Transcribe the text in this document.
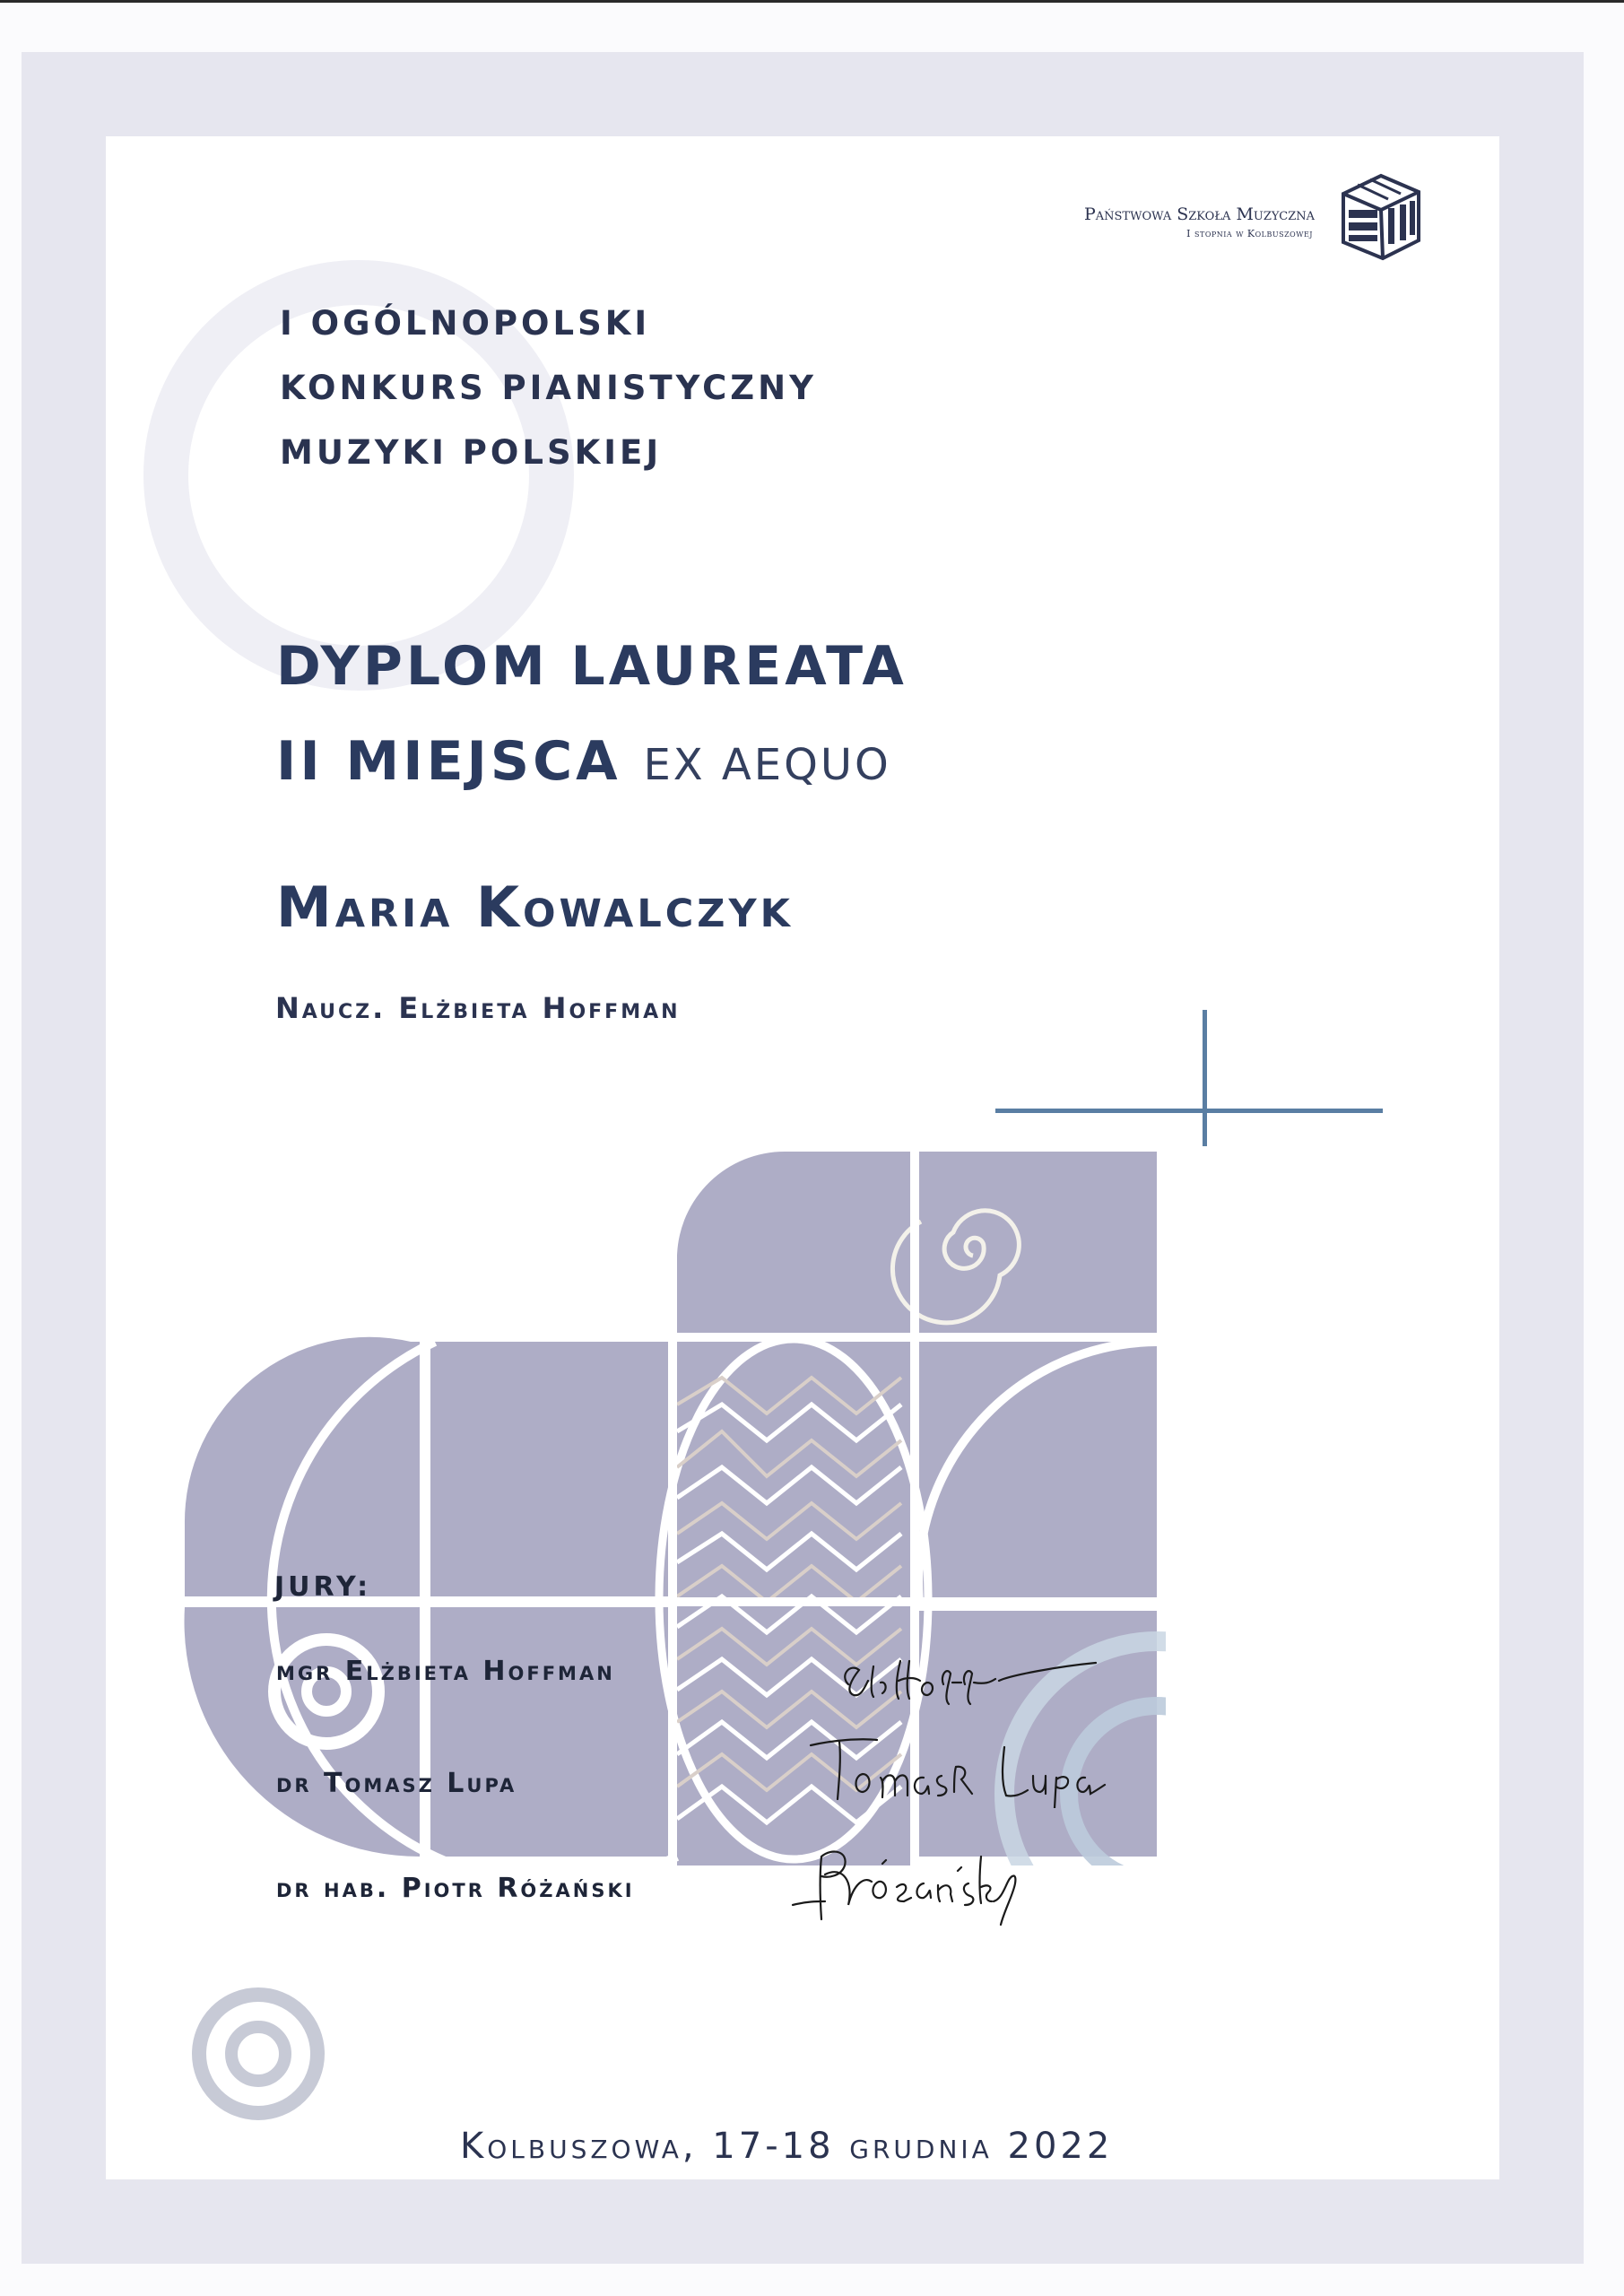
Państwowa Szkoła Muzyczna
I stopnia w Kolbuszowej
I OGÓLNOPOLSKI
KONKURS PIANISTYCZNY
MUZYKI POLSKIEJ
DYPLOM LAUREATA
II MIEJSCA EX AEQUO
Maria Kowalczyk
Naucz. Elżbieta Hoffman
JURY:
mgr Elżbieta Hoffman
dr Tomasz Lupa
dr hab. Piotr Różański
Kolbuszowa, 17-18 grudnia 2022
